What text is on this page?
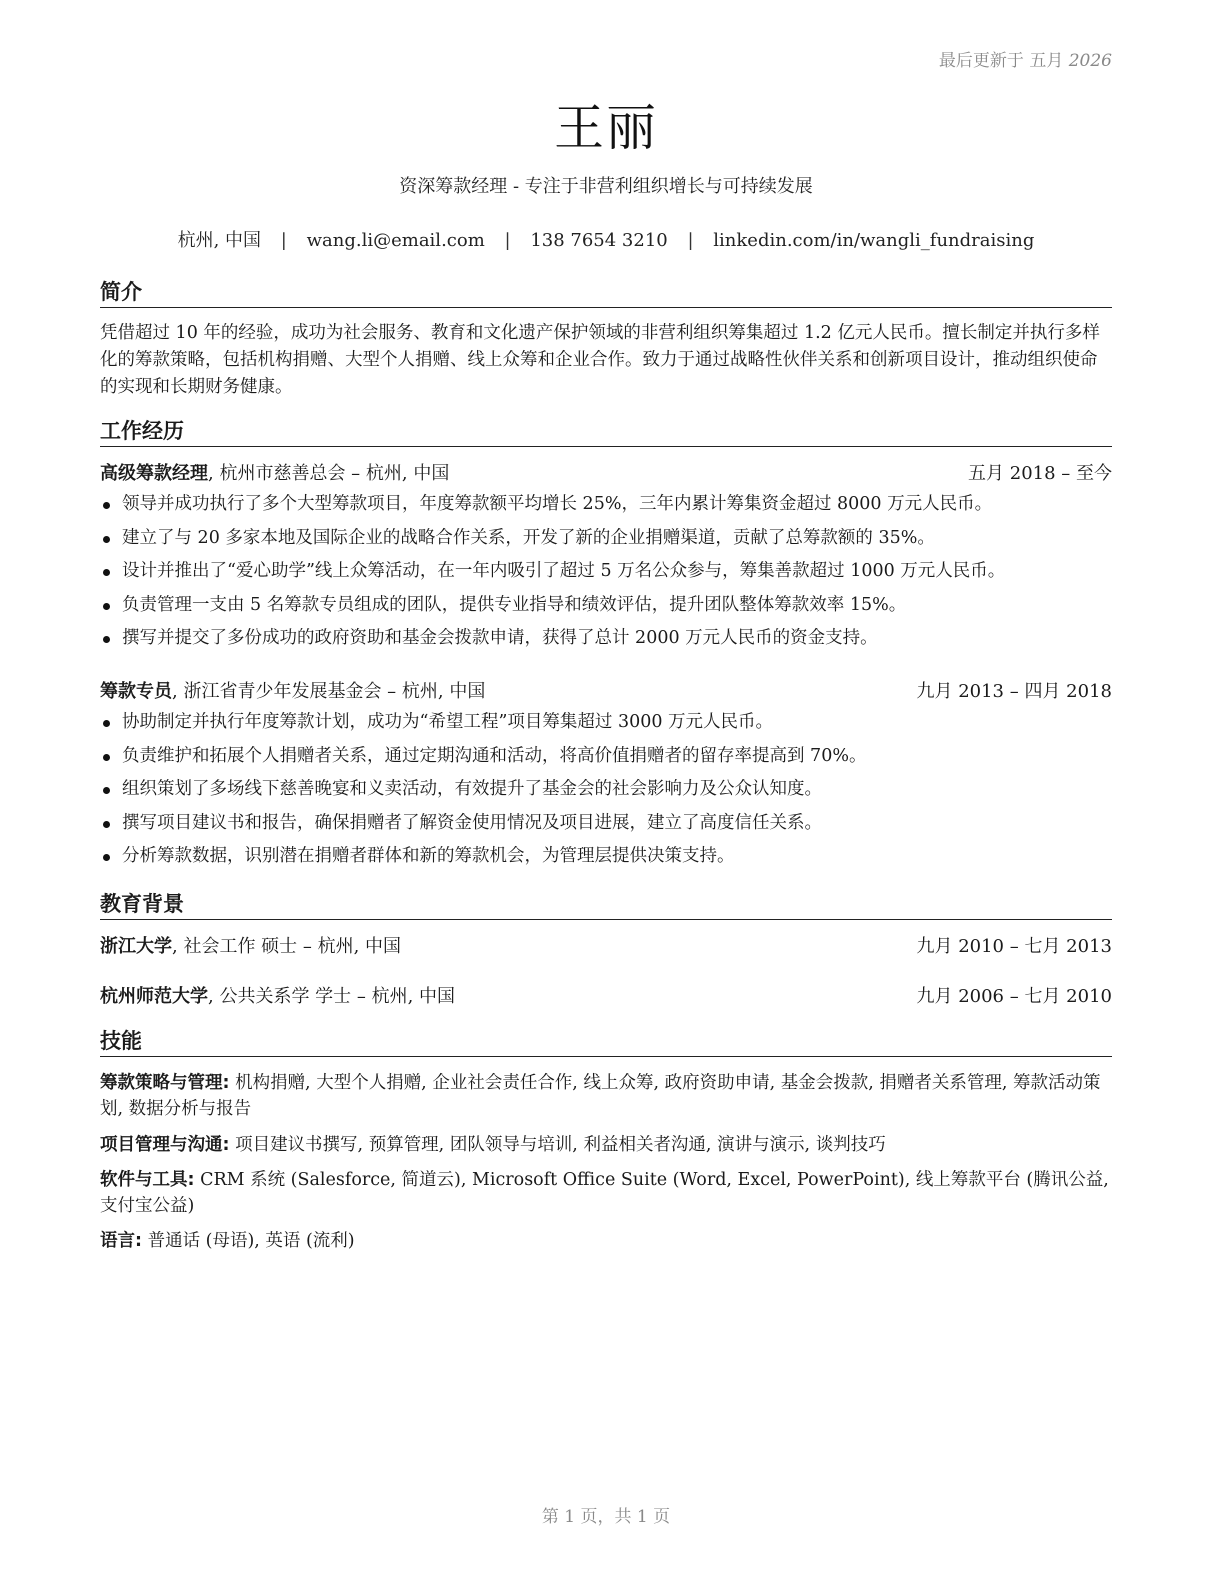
最后更新于 五月 2026
王丽
资深筹款经理 - 专注于非营利组织增长与可持续发展
杭州, 中国 | wang.li@email.com | 138 7654 3210 | linkedin.com/in/wangli_fundraising
简介
凭借超过 10 年的经验，成功为社会服务、教育和文化遗产保护领域的非营利组织筹集超过 1.2 亿元人民币。擅长制定并执行多样化的筹款策略，包括机构捐赠、大型个人捐赠、线上众筹和企业合作。致力于通过战略性伙伴关系和创新项目设计，推动组织使命的实现和长期财务健康。
工作经历
高级筹款经理, 杭州市慈善总会 – 杭州, 中国	五月 2018 – 至今
领导并成功执行了多个大型筹款项目，年度筹款额平均增长 25%，三年内累计筹集资金超过 8000 万元人民币。
建立了与 20 多家本地及国际企业的战略合作关系，开发了新的企业捐赠渠道，贡献了总筹款额的 35%。
设计并推出了“爱心助学”线上众筹活动，在一年内吸引了超过 5 万名公众参与，筹集善款超过 1000 万元人民币。
负责管理一支由 5 名筹款专员组成的团队，提供专业指导和绩效评估，提升团队整体筹款效率 15%。
撰写并提交了多份成功的政府资助和基金会拨款申请，获得了总计 2000 万元人民币的资金支持。
筹款专员, 浙江省青少年发展基金会 – 杭州, 中国	九月 2013 – 四月 2018
协助制定并执行年度筹款计划，成功为“希望工程”项目筹集超过 3000 万元人民币。
负责维护和拓展个人捐赠者关系，通过定期沟通和活动，将高价值捐赠者的留存率提高到 70%。
组织策划了多场线下慈善晚宴和义卖活动，有效提升了基金会的社会影响力及公众认知度。
撰写项目建议书和报告，确保捐赠者了解资金使用情况及项目进展，建立了高度信任关系。
分析筹款数据，识别潜在捐赠者群体和新的筹款机会，为管理层提供决策支持。
教育背景
浙江大学, 社会工作 硕士 – 杭州, 中国	九月 2010 – 七月 2013
杭州师范大学, 公共关系学 学士 – 杭州, 中国	九月 2006 – 七月 2010
技能
筹款策略与管理: 机构捐赠, 大型个人捐赠, 企业社会责任合作, 线上众筹, 政府资助申请, 基金会拨款, 捐赠者关系管理, 筹款活动策划, 数据分析与报告
项目管理与沟通: 项目建议书撰写, 预算管理, 团队领导与培训, 利益相关者沟通, 演讲与演示, 谈判技巧
软件与工具: CRM 系统 (Salesforce, 简道云), Microsoft Office Suite (Word, Excel, PowerPoint), 线上筹款平台 (腾讯公益, 支付宝公益)
语言: 普通话 (母语), 英语 (流利)
第 1 页，共 1 页
